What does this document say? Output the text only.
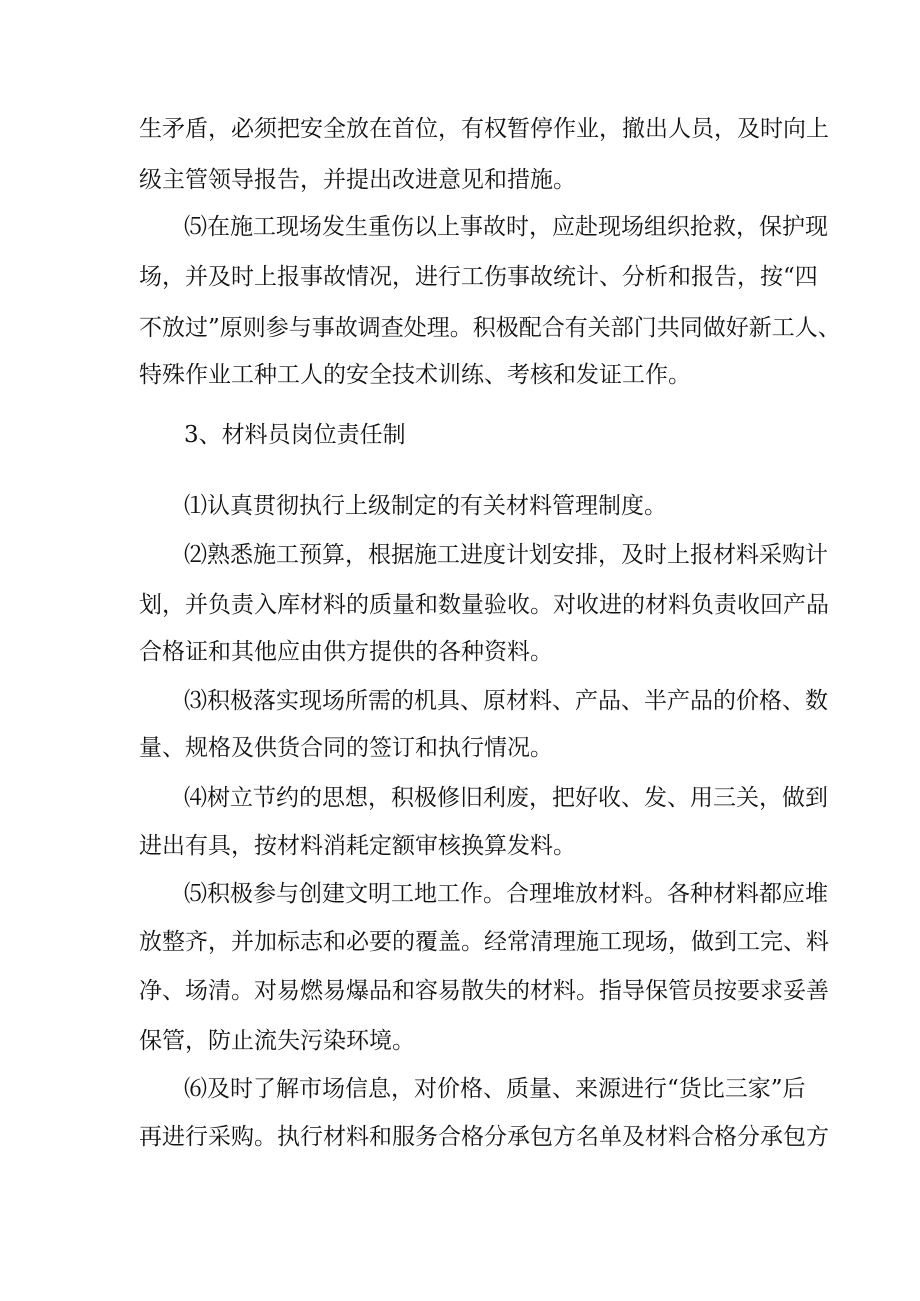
生矛盾，必须把安全放在首位，有权暂停作业，撤出人员，及时向上
级主管领导报告，并提出改进意见和措施。
⑸在施工现场发生重伤以上事故时，应赴现场组织抢救，保护现
场，并及时上报事故情况，进行工伤事故统计、分析和报告，按“四
不放过”原则参与事故调查处理。积极配合有关部门共同做好新工人、
特殊作业工种工人的安全技术训练、考核和发证工作。
3、材料员岗位责任制
⑴认真贯彻执行上级制定的有关材料管理制度。
⑵熟悉施工预算，根据施工进度计划安排，及时上报材料采购计
划，并负责入库材料的质量和数量验收。对收进的材料负责收回产品
合格证和其他应由供方提供的各种资料。
⑶积极落实现场所需的机具、原材料、产品、半产品的价格、数
量、规格及供货合同的签订和执行情况。
⑷树立节约的思想，积极修旧利废，把好收、发、用三关，做到
进出有具，按材料消耗定额审核换算发料。
⑸积极参与创建文明工地工作。合理堆放材料。各种材料都应堆
放整齐，并加标志和必要的覆盖。经常清理施工现场，做到工完、料
净、场清。对易燃易爆品和容易散失的材料。指导保管员按要求妥善
保管，防止流失污染环境。
⑹及时了解市场信息，对价格、质量、来源进行“货比三家”后
再进行采购。执行材料和服务合格分承包方名单及材料合格分承包方
